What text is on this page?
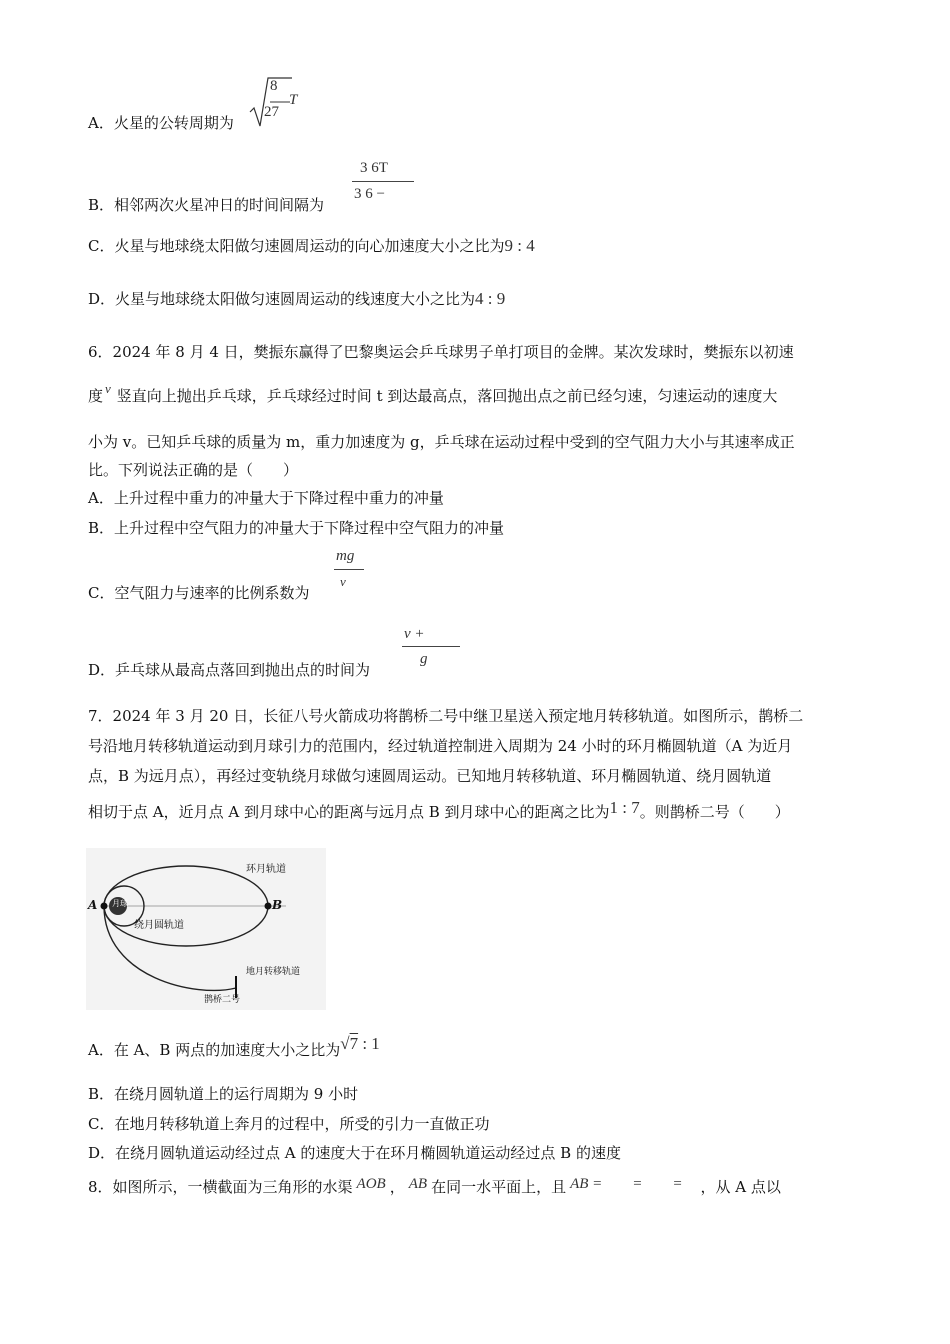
A．火星的公转周期为
8
27
T
B．相邻两次火星冲日的时间间隔为
3 6T
3 6 −
C．火星与地球绕太阳做匀速圆周运动的向心加速度大小之比为9 : 4
D．火星与地球绕太阳做匀速圆周运动的线速度大小之比为4 : 9
6．2024 年 8 月 4 日，樊振东赢得了巴黎奥运会乒乓球男子单打项目的金牌。某次发球时，樊振东以初速
度 v 竖直向上抛出乒乓球，乒乓球经过时间 t 到达最高点，落回抛出点之前已经匀速，匀速运动的速度大
小为 v。已知乒乓球的质量为 m，重力加速度为 g，乒乓球在运动过程中受到的空气阻力大小与其速率成正
比。下列说法正确的是（　　）
A．上升过程中重力的冲量大于下降过程中重力的冲量
B．上升过程中空气阻力的冲量大于下降过程中空气阻力的冲量
C．空气阻力与速率的比例系数为
mg
v
D．乒乓球从最高点落回到抛出点的时间为
v +
g
7．2024 年 3 月 20 日，长征八号火箭成功将鹊桥二号中继卫星送入预定地月转移轨道。如图所示，鹊桥二
号沿地月转移轨道运动到月球引力的范围内，经过轨道控制进入周期为 24 小时的环月椭圆轨道（A 为近月
点，B 为远月点），再经过变轨绕月球做匀速圆周运动。已知地月转移轨道、环月椭圆轨道、绕月圆轨道
相切于点 A，近月点 A 到月球中心的距离与远月点 B 到月球中心的距离之比为1 : 7。则鹊桥二号（　　）
A	B
月球
环月轨道
绕月圆轨道
地月转移轨道
鹊桥二号
A．在 A、B 两点的加速度大小之比为√7 : 1
B．在绕月圆轨道上的运行周期为 9 小时
C．在地月转移轨道上奔月的过程中，所受的引力一直做正功
D．在绕月圆轨道运动经过点 A 的速度大于在环月椭圆轨道运动经过点 B 的速度
8．如图所示，一横截面为三角形的水渠 AOB ， AB 在同一水平面上，且 AB =　　=　　= ，从 A 点以
